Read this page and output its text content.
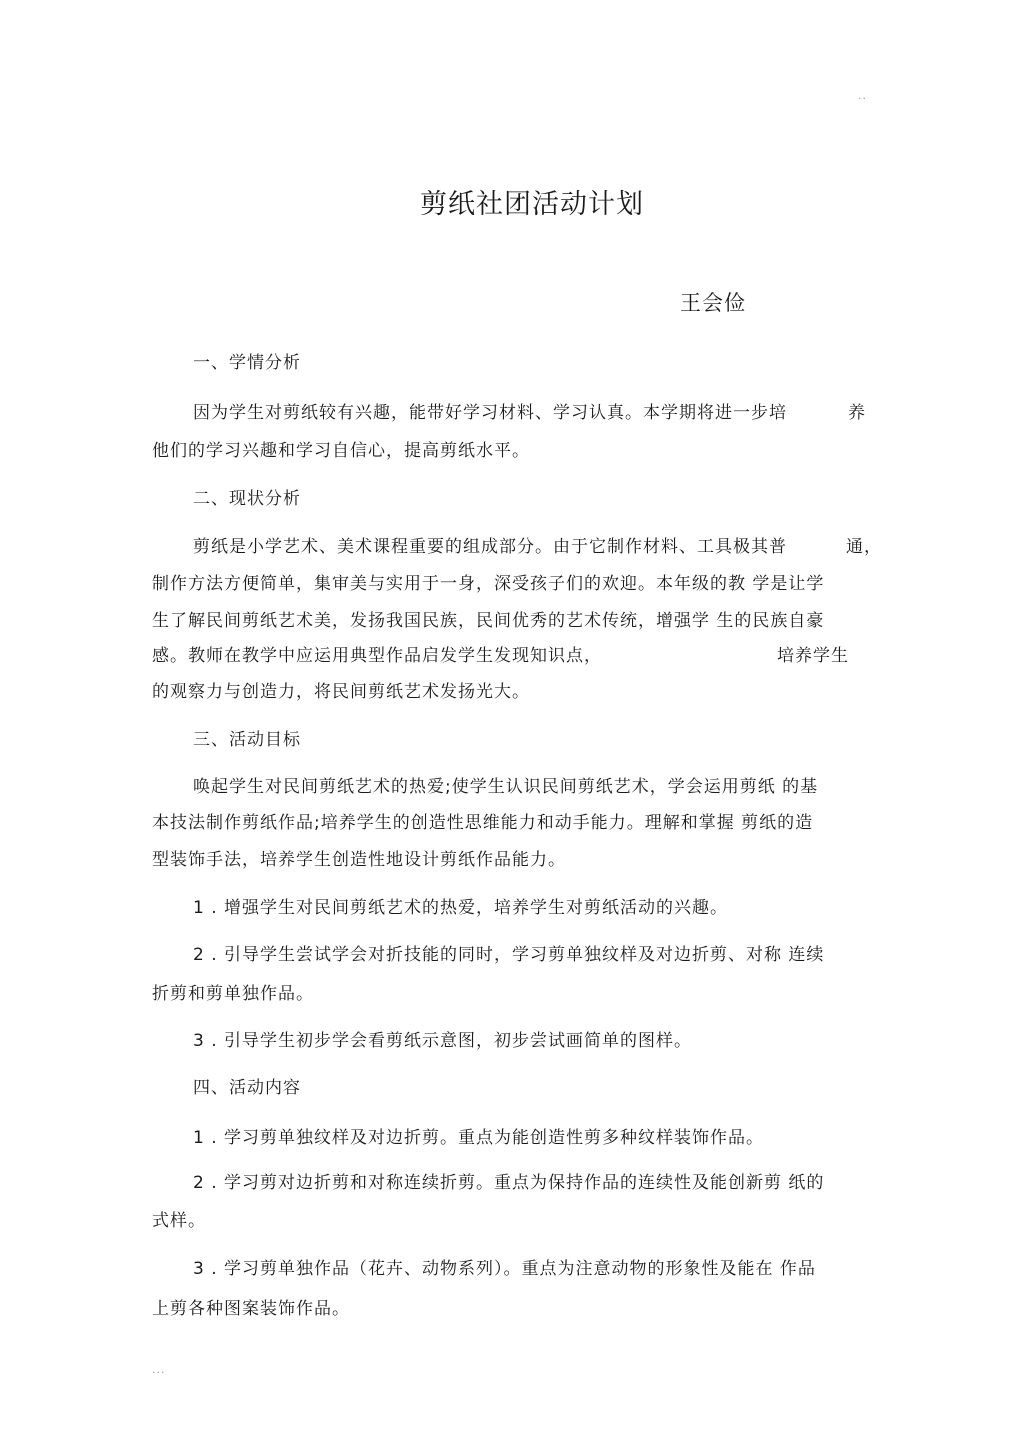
··
剪纸社团活动计划
王会俭
一、学情分析
因为学生对剪纸较有兴趣，能带好学习材料、学习认真。本学期将进一步培	养
他们的学习兴趣和学习自信心，提高剪纸水平。
二、现状分析
剪纸是小学艺术、美术课程重要的组成部分。由于它制作材料、工具极其普	通，
制作方法方便简单，集审美与实用于一身，深受孩子们的欢迎。本年级的教 学是让学
生了解民间剪纸艺术美，发扬我国民族，民间优秀的艺术传统，增强学 生的民族自豪
感。教师在教学中应运用典型作品启发学生发现知识点，	培养学生
的观察力与创造力，将民间剪纸艺术发扬光大。
三、活动目标
唤起学生对民间剪纸艺术的热爱;使学生认识民间剪纸艺术，学会运用剪纸 的基
本技法制作剪纸作品;培养学生的创造性思维能力和动手能力。理解和掌握 剪纸的造
型装饰手法，培养学生创造性地设计剪纸作品能力。
1 . 增强学生对民间剪纸艺术的热爱，培养学生对剪纸活动的兴趣。
2 . 引导学生尝试学会对折技能的同时，学习剪单独纹样及对边折剪、对称 连续
折剪和剪单独作品。
3 . 引导学生初步学会看剪纸示意图，初步尝试画简单的图样。
四、活动内容
1 . 学习剪单独纹样及对边折剪。重点为能创造性剪多种纹样装饰作品。
2 . 学习剪对边折剪和对称连续折剪。重点为保持作品的连续性及能创新剪 纸的
式样。
3 . 学习剪单独作品（花卉、动物系列）。重点为注意动物的形象性及能在 作品
上剪各种图案装饰作品。
···
